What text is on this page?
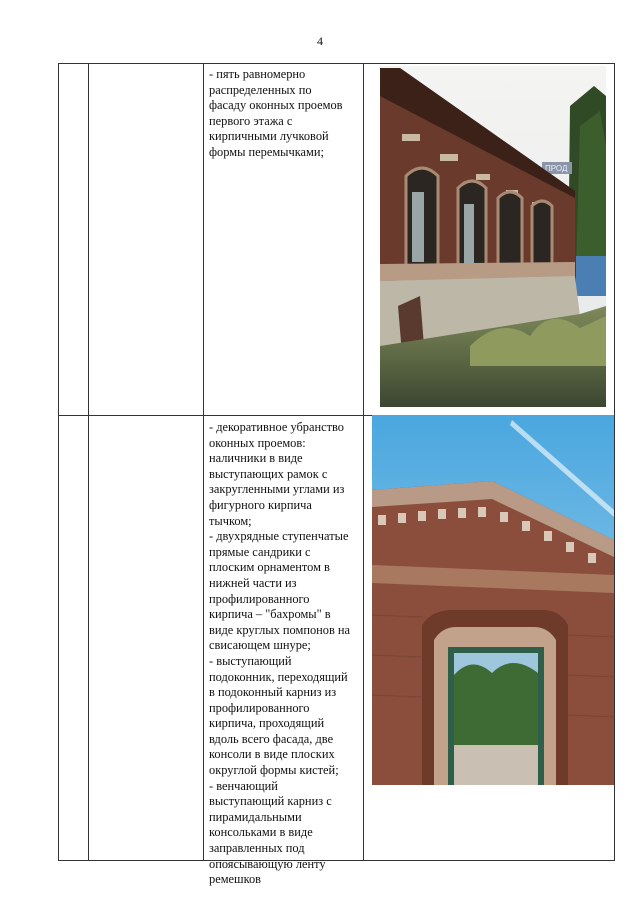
4
- пять равномерно
распределенных по
фасаду оконных проемов
первого этажа с
кирпичными лучковой
формы перемычками;
ПРОД
- декоративное убранство
оконных проемов:
наличники в виде
выступающих рамок с
закругленными углами из
фигурного кирпича
тычком;
- двухрядные ступенчатые
прямые сандрики с
плоским орнаментом в
нижней части из
профилированного
кирпича – "бахромы" в
виде круглых помпонов на
свисающем шнуре;
- выступающий
подоконник, переходящий
в подоконный карниз из
профилированного
кирпича, проходящий
вдоль всего фасада, две
консоли в виде плоских
округлой формы кистей;
- венчающий
выступающий карниз с
пирамидальными
консольками в виде
заправленных под
опоясывающую ленту
ремешков
